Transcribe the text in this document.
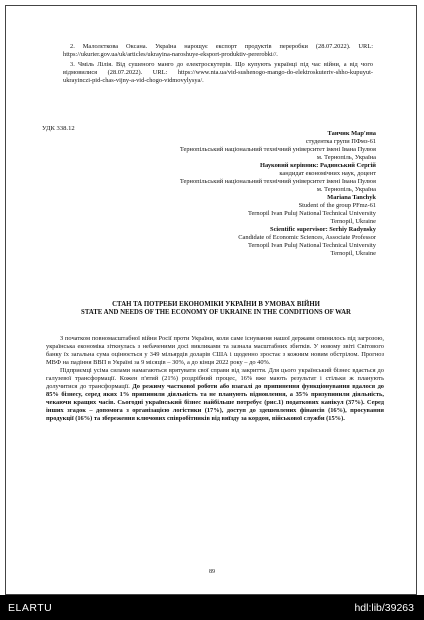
2. Малолєткова Оксана. Україна нарощує експорт продуктів переробки (28.07.2022). URL: https://ukurier.gov.ua/uk/articles/ukrayina-naroshuye-eksport-produktiv-pererobki//.

3. Чміль Лілія. Від сушеного манго до електроскутерів. Що купують українці під час війни, а від чого відмовилися (28.07.2022). URL: https://www.nta.ua/vid-sushenogo-mango-do-elektroskuteriv-shho-kupuyut-ukrayinczi-pid-chas-vijny-a-vid-chogo-vidmovylysya/.

УДК 338.12
Танчик Мар'яна
студентка групи ПФмз-61
Тернопільський національний технічний університет імені Івана Пулюя
м. Тернопіль, Україна
Науковий керівник: Радинський Сергій
кандидат економічних наук, доцент
Тернопільський національний технічний університет імені Івана Пулюя
м. Тернопіль, Україна
Mariana Tanchyk
Student of the group PFmz-61
Ternopil Ivan Puluj National Technical University
Ternopil, Ukraine
Scientific supervisor: Serhiy Radynsky
Candidate of Economic Sciences, Associate Professor
Ternopil Ivan Puluj National Technical University
Ternopil, Ukraine
СТАН ТА ПОТРЕБИ ЕКОНОМІКИ УКРАЇНИ В УМОВАХ ВІЙНИ
STATE AND NEEDS OF THE ECONOMY OF UKRAINE IN THE CONDITIONS OF WAR

З початком повномасштабної війни Росії проти України, коли саме існування нашої держави опинилось під загрозою, українська економіка зіткнулась з небаченими досі викликами та зазнала масштабних збитків. У новому звіті Світового банку їх загальна сума оцінюється у 349 мільярдів доларів США і щоденно зростає з кожним новим обстрілом. Прогноз МВФ на падіння ВВП в Україні за 9 місяців – 30%, а до кінця 2022 року – до 40%.

Підприємці усіма силами намагаються врятувати свої справи від закриття. Для цього український бізнес вдається до галузевої трансформації. Кожен п'ятий (21%) роздрібний процес, 16% вже мають результат і стільки ж планують долучитися до трансформації. До режиму часткової роботи або взагалі до припинення функціонування вдалося до 85% бізнесу, серед яких 1% припинили діяльність та не планують відновлення, а 35% призупинили діяльність, чекаючи кращих часів. Сьогодні український бізнес найбільше потребує (рис.1) податкових канікул (37%). Серед інших згадок – допомога з організацією логістики (17%), доступ до здешевлених фінансів (16%), просування продукції (16%) та збереження ключових співробітників від виїзду за кордон, військової служби (15%).

89
ELARTU	hdl:lib/39263
